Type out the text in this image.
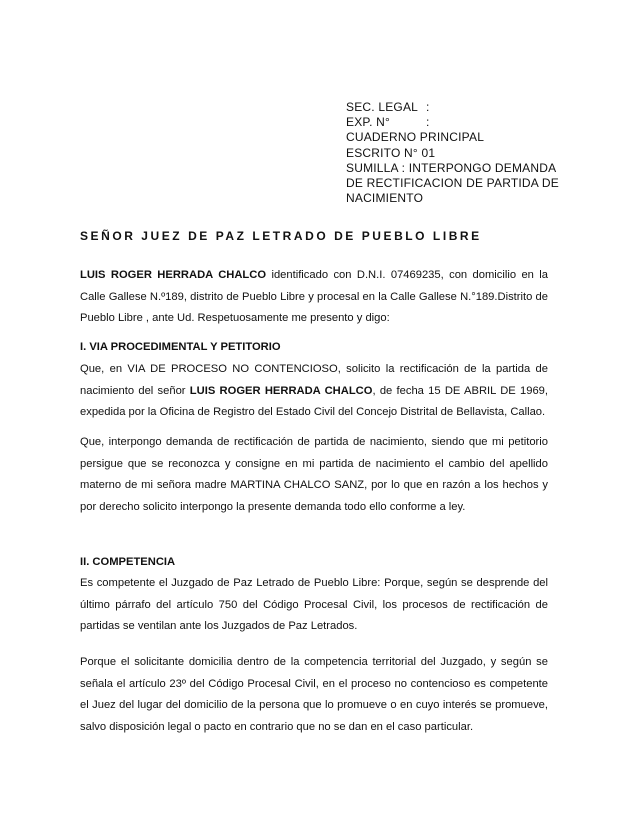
SEC. LEGAL :
EXP. N°	:
CUADERNO PRINCIPAL
ESCRITO N° 01
SUMILLA : INTERPONGO DEMANDA
DE RECTIFICACION DE PARTIDA DE
NACIMIENTO
SEÑOR JUEZ DE PAZ LETRADO DE PUEBLO LIBRE
LUIS ROGER HERRADA CHALCO identificado con D.N.I. 07469235, con domicilio en la Calle Gallese N.º189, distrito de Pueblo Libre y procesal en la Calle Gallese N.°189.Distrito de Pueblo Libre , ante Ud. Respetuosamente me presento y digo:
I. VIA PROCEDIMENTAL Y PETITORIO
Que, en VIA DE PROCESO NO CONTENCIOSO, solicito la rectificación de la partida de nacimiento del señor LUIS ROGER HERRADA CHALCO, de fecha 15 DE ABRIL DE 1969, expedida por la Oficina de Registro del Estado Civil del Concejo Distrital de Bellavista, Callao.
Que, interpongo demanda de rectificación de partida de nacimiento, siendo que mi petitorio persigue que se reconozca y consigne en mi partida de nacimiento el cambio del apellido materno de mi señora madre MARTINA CHALCO SANZ, por lo que en razón a los hechos y por derecho solicito interpongo la presente demanda todo ello conforme a ley.
II. COMPETENCIA
Es competente el Juzgado de Paz Letrado de Pueblo Libre: Porque, según se desprende del último párrafo del artículo 750 del Código Procesal Civil, los procesos de rectificación de partidas se ventilan ante los Juzgados de Paz Letrados.
Porque el solicitante domicilia dentro de la competencia territorial del Juzgado, y según se señala el artículo 23º del Código Procesal Civil, en el proceso no contencioso es competente el Juez del lugar del domicilio de la persona que lo promueve o en cuyo interés se promueve, salvo disposición legal o pacto en contrario que no se dan en el caso particular.
